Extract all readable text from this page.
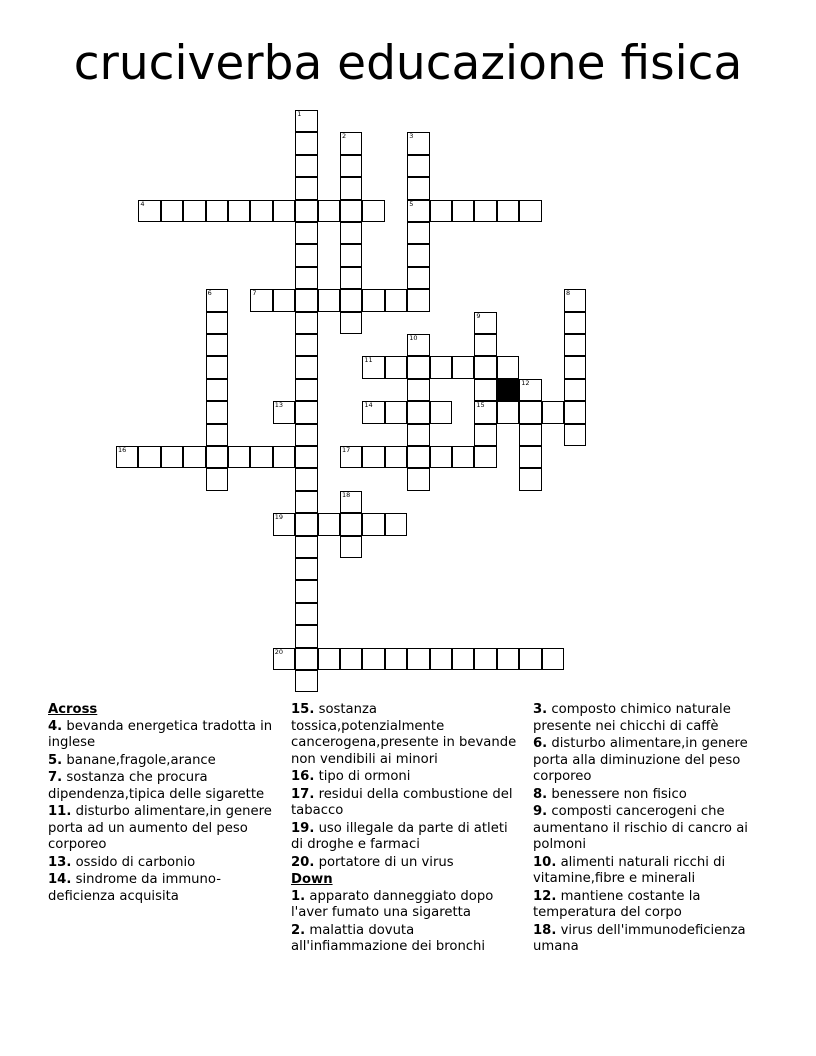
cruciverba educazione fisica
1
2	3
5
4
6	7	8
9
15
10
11
12
13	14
16	17
18
19
20
Across
4. bevanda energetica tradotta in inglese
5. banane,fragole,arance
7. sostanza che procura dipendenza,tipica delle sigarette
11. disturbo alimentare,in genere porta ad un aumento del peso corporeo
13. ossido di carbonio
14. sindrome da immuno-deficienza acquisita
15. sostanza tossica,potenzialmente cancerogena,presente in bevande non vendibili ai minori
16. tipo di ormoni
17. residui della combustione del tabacco
19. uso illegale da parte di atleti di droghe e farmaci
20. portatore di un virus
Down
1. apparato danneggiato dopo l'aver fumato una sigaretta
2. malattia dovuta all'infiammazione dei bronchi
3. composto chimico naturale presente nei chicchi di caffè
6. disturbo alimentare,in genere porta alla diminuzione del peso corporeo
8. benessere non fisico
9. composti cancerogeni che aumentano il rischio di cancro ai polmoni
10. alimenti naturali ricchi di vitamine,fibre e minerali
12. mantiene costante la temperatura del corpo
18. virus dell'immunodeficienza umana
